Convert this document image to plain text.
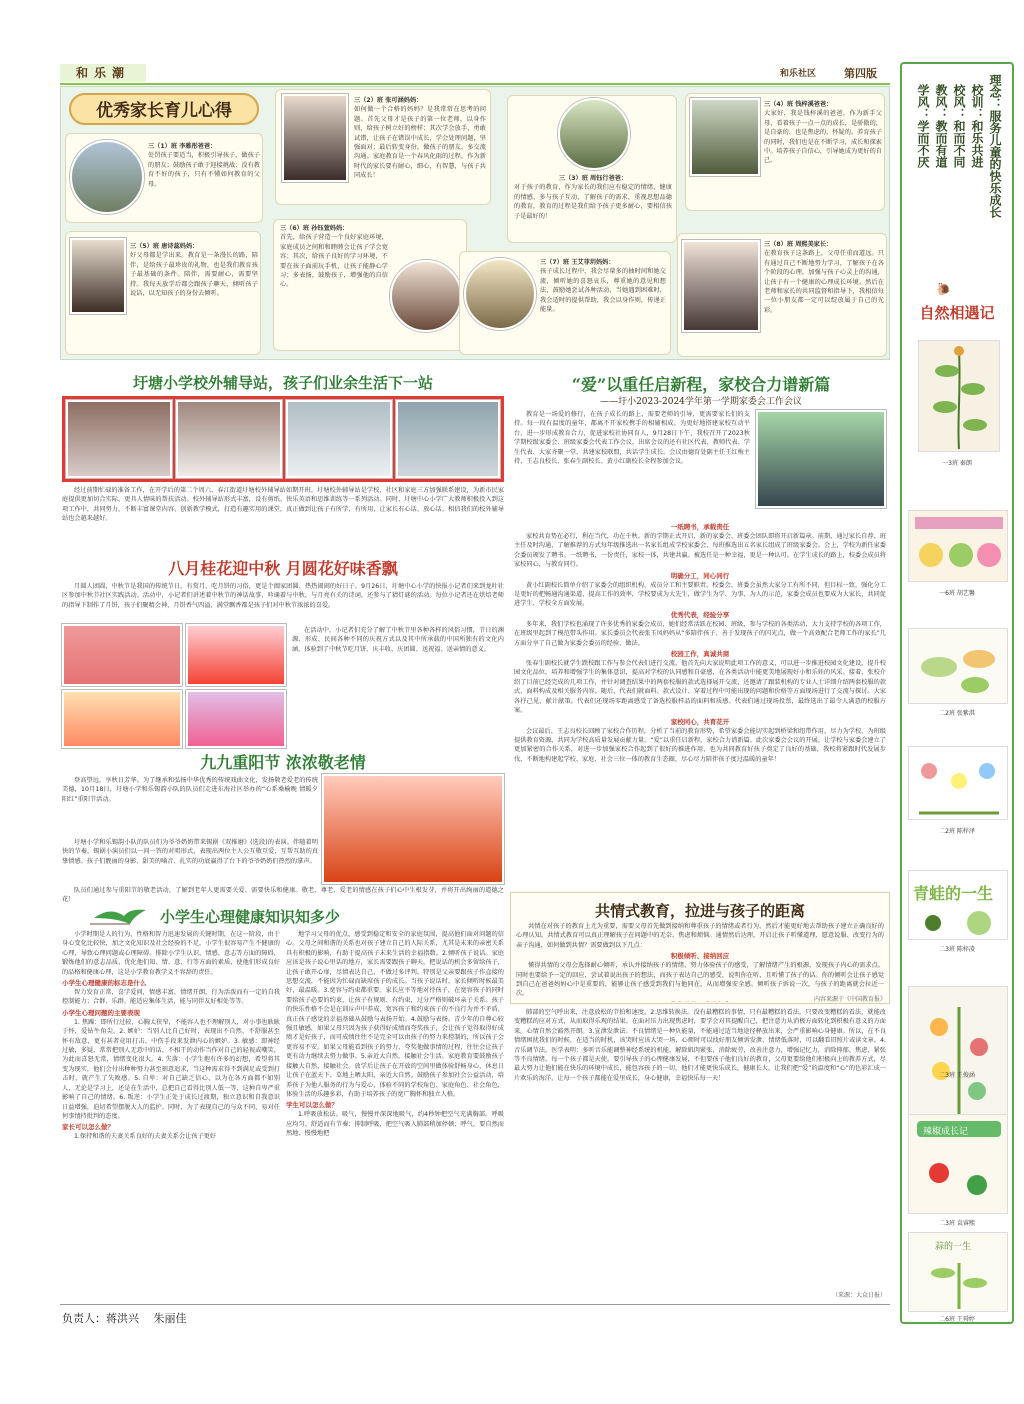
和乐潮	和乐社区	第四版
理念：服务儿童的快乐成长
校训：和乐共进
校风：和而不同
教风：教而有道
学风：学而不厌
🐌
自然相遇记
一3班 秦朗
一6班 胡艺馨
二2班 张紫淇
二2班 陈梓泽
青蛙的一生
二3班 陈梓凌
二3班 王俊涵
辣椒成长记
二3班 袁睿熙
蒜的一生
二6班 王舜婷
优秀家长育儿心得
三（1）班 李雅彤爸爸：
处罚孩子要适当，积极引导孩子，做孩子的朋友；鼓励孩子敢于迎接挑战；没有教育不好的孩子，只有不懂如何教育的父母。
三（2）班 张可涵妈妈：
如何做一个合格的妈妈？是我常常在思考的问题。首先父母才是孩子的第一位老师，以身作则，给孩子树立好的榜样；其次学会放手，勇敢试错，让孩子在错误中成长，学会处理问题，坚强面对；最后转变身份，做孩子的朋友，多交流沟通。家庭教育是一个春风化雨的过程，作为新时代的家长要有耐心，细心，有智慧，与孩子共同成长！	三（3）班 周钰行爸爸：
对于孩子的教育，作为家长的我们应有稳定的情绪、健康的情感，多与孩子互动，了解孩子的需求，重视思想品德的教育，教育的过程是我们给予孩子更多耐心，要相信孩子是最好的！
三（4）班 钱梓溪爸爸：
大家好，我是钱梓溪的爸爸，作为新手父母，看着孩子一点一点的成长，是骄傲的，是自豪的，也是焦虑的，怀疑的。养育孩子的同时，我们也是在不断学习，成长和探索中。培养孩子自信心，引导她成为更好的自己。
三（5）班 唐诗蕊妈妈：
好父母都是学出来。教育是一条漫长的路，陪伴，是给孩子最珍贵的礼物，也是我们教育孩子最基础的条件。陪伴，需要耐心，需要坚持。我每天放学后都会跟孩子聊天，倾听孩子说话，以无知孩子的身份去倾听。
三（6）班 孙钰萱妈妈：
首先，给孩子营造一个良好家庭环境，家庭成员之间和和睦睦会让孩子学会宽容；其次，给孩子良好的学习环境，不要在孩子面前玩手机，让孩子能静心学习；多表扬，鼓励孩子，增强他的自信心。
三（7）班 王艾菲玥妈妈：
孩子成长过程中，我会尽量多的抽时间和她交流，倾听她的喜怒哀乐，尊重她的意见和想法，鼓励她尝试各种活动，当她遇到困难时，我会适时的提供帮助，我会以身作则，传递正能量。
三（8）班 周熙美家长：
在教育孩子这条路上，父母任重而道远。只有通过自己不断地努力学习，了解孩子在各个阶段的心理，加强与孩子心灵上的沟通，让孩子有一个健康的心理成长环境。然后在老师和家长的共同监督和指导下，我相信每一位小朋友都一定可以绽放属于自己的光彩。
圩塘小学校外辅导站，孩子们业余生活下一站

经过前期忙碌的准备工作，在开学后的第二个周六，春江街道圩塘校外辅导站如期开班。圩塘校外辅导站是学校、社区和家庭三方加强联系建设，为新市民家庭提供更加切合实际、更具人情味的帮扶活动。校外辅导站形式丰富，设有剪纸、快乐英语和思维训练等一系列活动。同时，圩塘中心小学广大教师积极投入到这项工作中，共同努力，不断丰富课堂内容，创新教学模式，打造有趣实用的课堂，真正做到让孩子有所学、有所用，让家长有心话、放心话。相信我们的校外辅导站也会越来越好。

八月桂花迎中秋 月圆花好味香飘

月圆人团圆，中秋节是我国的传统节日。有赏月、吃月饼的习俗，更是个阖家团圆、热热闹闹的好日子。9月26日，圩塘中心小学的快报小记者们来到龙叶社区参加中秋节社区实践活动。活动中，小记者们讲述着中秋节的神话故事，吟诵着与中秋、与月亮有关的诗词，还参与了猜灯谜的活动。每位小记者还在烘焙老师的指导下制作了月饼，孩子们聚精会神，月饼香气四溢，满堂飘香都是孩子们对中秋节浓浓的喜爱。

在活动中，小记者们充分了解了中秋节里各种各样的风俗习惯，节日的渊源、形成、民间各种不同的庆祝方式以及其中所承载的中国所独有的文化内涵，体验到了中秋节吃月饼、庆丰收、庆团圆、送祝福、送亲情的意义。

九九重阳节 浓浓敬老情

登高望远，享秋日芳华。为了继承和弘扬中华优秀的传统戏曲文化，发扬敬老爱老的传统美德，10月18日，圩塘小学和乐锡韵小队的队员们走进东海社区举办的“心系桑榆晚 情暖夕阳红”重阳节活动。

圩塘小学和乐锡韵小队的队员们为爷爷奶奶带来锡剧《双推磨》(选段)的表演。伴随着明快的节奏，锡剧小演员们以一问一答的对唱形式，表现出两位主人公互敬互爱、互帮互助的真挚情感。孩子们靓丽的身影、甜美的嗓音、扎实的功底赢得了台下的爷爷奶奶们热烈的掌声。

队员们通过参与重阳节的敬老活动，了解到老年人更需要关爱、需要快乐和健康。敬老、尊老、爱老的情感在孩子们心中生根发芽，并将开出绚丽的道德之花！

小学生心理健康知识知多少

小学时期是人的行为、性格和智力迅速发展的关键时期，在这一阶段，由于身心变化比较快，加之文化知识及社会经验的不足，小学生很容易产生不健康的心理，导致心理问题或心理障碍。排除小学生认识、情感、意志等方面的障碍，锻炼他们的意志品质，优化他们知、情、意、行等方面的素质，使他们形成良好的品格和健康心理，这是小学教育教学义不容辞的责任。

小学生心理健康的标志是什么

智力发育正常，喜学爱问，情感丰富，情绪开朗，行为活泼而有一定的自我控制能力；合群、乐群、能适应集体生活，能与同伴友好相处等等。

小学生心理问题的主要表现

1. 焦躁：即所行过较，心胸太狭窄，不能容人也不理解别人，对小事也耿耿于怀，爱钻牛角尖。2. 嫉妒：当别人比自己好时，表现出不自然、不舒服甚至怀有敌意，更有甚者竟用打击、中伤手段来发泄内心的嫉妒。3. 敏感：即神经过敏，多疑，常常把别人无意中的话、不相干的动作当作对自己的轻视或嘲笑，为此而喜怒无常，情绪变化很大。4. 失落：小学生抱有许多的幻想，希望将其变为现实，他们会付出种种努力甚至刻意追求，当这种需求得不到满足或受到打击时，就产生了失败感。5. 自卑：对自己缺乏信心，以为在各方面都不如别人，无论是学习上，还是在生活中，总把自己看得比别人低一等，这种自卑严重影响了自己的情绪。6. 叛逆：小学生正处于成长过渡期，独立意识和自我意识日益增强，迫切希望摆脱大人的监护。同时，为了表现自己的与众不同，易对任何事情持批判的态度。

家长可以怎么做？

1.保持和谐的夫妻关系良好的夫妻关系会让孩子更好

地学习父母的优点，感受到稳定和安全的家庭氛围，提高他们面对问题的信心。父母之间和谐的关系也对孩子建立自己的人际关系，尤其是未来的亲密关系具有积极的影响，有助于提高孩子未来生活的幸福指数。2.倾听孩子说话。家庭应该是孩子说心里话的地方，家长需要跟孩子聊天，把说话的机会多留给孩子，让孩子敢开心扉，尽情表达自己，不做过多评判。特别是父亲要跟孩子作直接的思想交流，不能因为忙碌而缺席孩子的成长。当孩子说话时，家长倾听时候最美好，最温暖。3.宽容与约束都重要。家长应平等地对待孩子，在宽容孩子的同时要给孩子必要的约束，让孩子有规则、有约束，过分严格则破坏亲子关系。孩子的快乐性格不会是在训斥声中养成，宽容孩子和约束孩子的不良行为并不矛盾，真正孩子感觉的幸福基础从鼓励与表扬开始。4.鼓励与表扬。青少年的自尊心较强且敏感，如果父母只因为孩子获得好成绩而夸奖孩子，会让孩子觉得取得好成绩才是好孩子，而可成绩往往不是完全可以由孩子的努力来控制的，所以孩子会更容易不安。如果父母能看到孩子的努力，夸奖他做事情的过程，往往会让孩子更有动力继续去努力做事。5.亲近大自然，接触社会生活。家庭教育要鼓励孩子接触大自然，接触社会。放学后让孩子在开放的空间里做体验舒畅身心，休息日让孩子在蓝天下、草地上晒太阳，亲近大自然。鼓励孩子参加社会公益活动，培养孩子为他人服务的行为与爱心，体验不同的学校角色、家庭角色、社会角色，体验生活的乐趣多彩，有助于培养孩子的宽广胸怀和独立人格。

学生可以怎么做？

1.呼吸放松法。吸气，慢慢并深深地吸气，约4秒钟把空气充满胸部。呼吸应均匀、舒适而有节奏；抑制呼吸，把空气吸入肺部稍加停顿；呼气，要自然而然地、慢慢地把

“爱”以重任启新程，家校合力谱新篇
——圩小2023-2024学年第一学期家委会工作会议

教育是一场爱的修行，在孩子成长的路上，需要老师的引导，更需要家长们的支持。每一段有温度的童年，都离不开家校携手的相辅相成。为更好地搭建家校互动平台，进一步形成教育合力，促进家校社协同育人，9月28日下午，我校召开了2023秋学期校级家委会、班级家委会代表工作会议，出席会议的还有社区代表、教师代表、学生代表、大家齐聚一堂，共建家校联盟，共话学生成长。会议由德育处副主任王红梅主持，王志良校长、张春生副校长、黄小红副校长全程参加会议。

一纸聘书，承载责任

家校共育势在必行，利在当代，功在千秋。新的学期正式开启，新的家委会、班委会团队即将开启新篇章。前期，通过家长自荐、班主任及时沟通、了解推荐的方式每年级推选出一名家长组成学校家委会，每班推选出五名家长组成了班级家委会。会上，学校为新任家委会委员颁发了聘书。一纸聘书，一份责任，家校一体，共建共赢。被选任是一种幸福，更是一种认可。在学生成长的路上，校委会成员将家校同心，与教育同行。

明确分工，同心同行

黄小红副校长简单介绍了家委会的组织机构、成员分工和主要职责。校委会、班委会虽然大家分工有所不同，但目标一致，强化分工是更好的把畅通沟通渠道、提高工作的效率，学校要成为大先生，做学生为学、为事、为人的示范，家委会成员也要成为大家长，共同促进学生、学校全方面发展。

优秀代表，经验分享

多年来，我们学校也涌现了许多优秀的家委会成员，她们经常活跃在校园、班级，参与学校的各类活动，大力支持学校的各项工作，在班级里起到了模范带头作用。家长委员会代表张玉凤妈妈从“多陪伴孩子、善于发现孩子的闪光点，做一个高效配合老师工作的家长”几方面分享了自己做为家委会委员的经验、做法。

校园工作，真诚共商

张春生副校长就学生跌校跟工作与参会代表们进行交流，他首先向大家说明此项工作的意义，可以进一步推进校园文化建设，提升校园文化品位，培养和增强学生的集体意识，提高对学校的认同感和自豪感，在各类活动中能更美地展现好小和乐娃的风采。接着，张校介绍了目前已经完成的几项工作，并针对调查结果中的两套校服的款式选择展开交流，还邀请了跟装机构的专业人士详细介绍两套校服的款式、面料构成及相关服务内容。随后，代表们就面料、款式设计、穿着过程中可能出现的问题和价格等方面现场进行了交流与探讨。大家各抒己见，献计献策。代表们还现场零距离感受了备选校服样品的面料和质感。代表们通过现场投票，最终选出了最令人满意的校服方案。

家校同心，共育花开

会议最后，王志良校长回顾了家校合作历程，分析了当前的教育形势，希望家委会能切实起到桥梁和纽带作用，尽力为学校、为班级提供教育资源，共同为学校高质量发展贡献力量。“爱”以重任启新程，家校合力谱新篇。此次家委会会议的开展，让学校与家委会建立了更加紧密的合作关系，对进一步加强家校合作起到了很好的推进作用，也为共同教育好孩子奠定了良好的基础，我校将紧跟时代发展步伐，不断地构建起学校、家庭、社会三位一体的教育生态圈，尽心尽力陪伴孩子度过温暖的童年！

共情式教育，拉进与孩子的距离

共情在对孩子的教育上尤为重要，需要父母首先做到接纳和尊重孩子的情绪或者行为，然后才能更好地去帮助孩子建立正确良好的心理认知。共情式教育可以真正理解孩子在问题中的无奈、焦虑和烦恼。通情然后达理，开启让孩子听懂道理、愿意说服、改变行为的亲子沟通，如何做到共情？需要做到以下几点：

积极倾听、接纳回应

懂得共情的父母会选择耐心倾听，承认并接纳孩子的情绪，努力体验孩子的感受，了解情绪产生的根源，发现孩子内心的需求点。同时也要给予一定的回应，尝试着说出孩子的想法，而孩子表达自己的感受，说明你在听，且听懂了孩子的话。你的倾听会让孩子感觉到自己在爸爸妈妈心中是重要的，能够让孩子感受到我们与他同在，从而增强安全感。倾听孩子诉说一次，与孩子的距离就会拉近一次。

内容来源于《中国教育报》

肺部的空气呼出来，注意放松的节拍和速度。2.思维转换法。没有最糟糕的事情，只有最糟糕的看法。只要改变糟糕的看法，就能改变糟糕的应对方式，从而取得乐观的结果。在面对压力出现焦虑时，要学会对其提醒自己，把注意力从消极方面转化到积极有意义的方面来。心情自然会豁然开朗。3.宣泄发泄法。不良情绪是一种负能量，不能通过适当地途径释放出来，会严重影响心身健康。所以，在不良情绪困扰我们的时候，在适当的时机，该哭时应该大哭一场，心烦时可以找好朋友倾诉发泄，情绪低落时，可以翻看旧照片或读文章。4.音乐调节法。医学表明：多听音乐能调整神经系统的机能，解除肌肉紧张，消除疲劳，改善注意力，增强记忆力，消除抑郁、焦虑、紧张等不良情绪。每一个孩子都是天使，要引导孩子的心理健康发展，不但要孩子他们良好的教育，父母更要给他们积极向上的教养方式，尽最大努力让他们能在快乐的环境中成长，能包容孩子的一切，他们才能更快乐成长，健康长大。让我们把“爱”的温度和“心”的色彩汇成一片欢乐的海洋，让每一个孩子都能在爱里成长，身心健康，幸福快乐每一天！

（来源：大众日报）
负责人：蒋洪兴　 朱丽佳
